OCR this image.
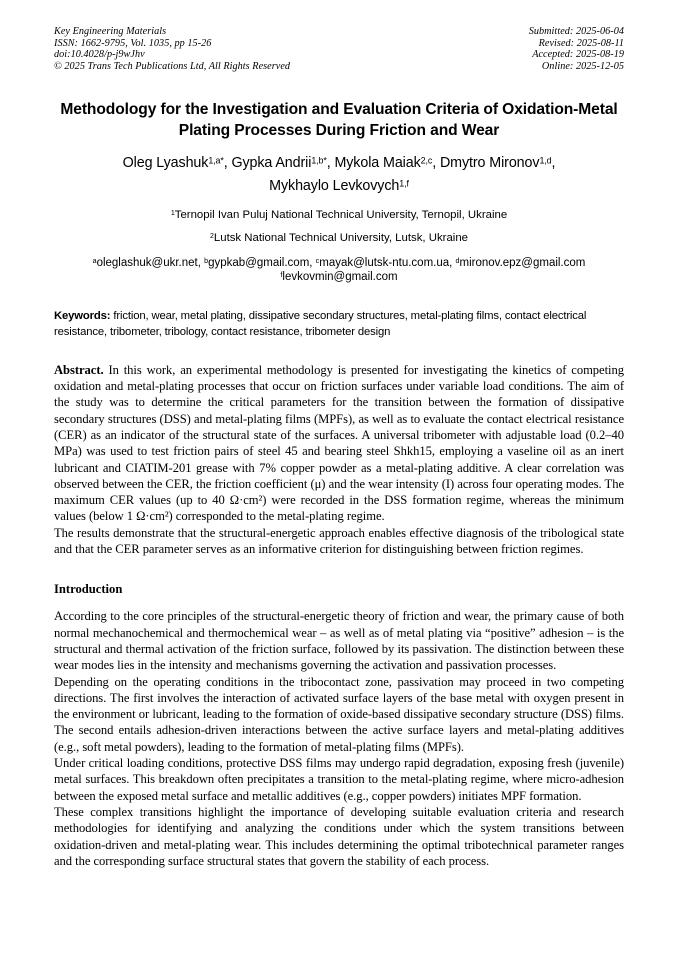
Key Engineering Materials
ISSN: 1662-9795, Vol. 1035, pp 15-26
doi:10.4028/p-j9wJhv
© 2025 Trans Tech Publications Ltd, All Rights Reserved
Submitted: 2025-06-04
Revised: 2025-08-11
Accepted: 2025-08-19
Online: 2025-12-05
Methodology for the Investigation and Evaluation Criteria of Oxidation-Metal Plating Processes During Friction and Wear
Oleg Lyashuk$^{1,a*}$, Gypka Andrii$^{1,b*}$, Mykola Maiak$^{2,c}$, Dmytro Mironov$^{1,d}$,
Mykhaylo Levkovych$^{1,f}$
$^1$Ternopil Ivan Puluj National Technical University, Ternopil, Ukraine
$^2$Lutsk National Technical University, Lutsk, Ukraine
$^a$oleglashuk@ukr.net, $^b$gypkab@gmail.com, $^c$mayak@lutsk-ntu.com.ua, $^d$mironov.epz@gmail.com
$^f$levkovmin@gmail.com
Keywords: friction, wear, metal plating, dissipative secondary structures, metal-plating films, contact electrical resistance, tribometer, tribology, contact resistance, tribometer design

Abstract. In this work, an experimental methodology is presented for investigating the kinetics of competing oxidation and metal-plating processes that occur on friction surfaces under variable load conditions. The aim of the study was to determine the critical parameters for the transition between the formation of dissipative secondary structures (DSS) and metal-plating films (MPFs), as well as to evaluate the contact electrical resistance (CER) as an indicator of the structural state of the surfaces. A universal tribometer with adjustable load (0.2–40 MPa) was used to test friction pairs of steel 45 and bearing steel Shkh15, employing a vaseline oil as an inert lubricant and CIATIM-201 grease with 7% copper powder as a metal-plating additive. A clear correlation was observed between the CER, the friction coefficient (μ) and the wear intensity (I) across four operating modes. The maximum CER values (up to 40 Ω·cm²) were recorded in the DSS formation regime, whereas the minimum values (below 1 Ω·cm²) corresponded to the metal-plating regime.

The results demonstrate that the structural-energetic approach enables effective diagnosis of the tribological state and that the CER parameter serves as an informative criterion for distinguishing between friction regimes.

Introduction

According to the core principles of the structural-energetic theory of friction and wear, the primary cause of both normal mechanochemical and thermochemical wear – as well as of metal plating via “positive” adhesion – is the structural and thermal activation of the friction surface, followed by its passivation. The distinction between these wear modes lies in the intensity and mechanisms governing the activation and passivation processes.

Depending on the operating conditions in the tribocontact zone, passivation may proceed in two competing directions. The first involves the interaction of activated surface layers of the base metal with oxygen present in the environment or lubricant, leading to the formation of oxide-based dissipative secondary structure (DSS) films. The second entails adhesion-driven interactions between the active surface layers and metal-plating additives (e.g., soft metal powders), leading to the formation of metal-plating films (MPFs).

Under critical loading conditions, protective DSS films may undergo rapid degradation, exposing fresh (juvenile) metal surfaces. This breakdown often precipitates a transition to the metal-plating regime, where micro-adhesion between the exposed metal surface and metallic additives (e.g., copper powders) initiates MPF formation.

These complex transitions highlight the importance of developing suitable evaluation criteria and research methodologies for identifying and analyzing the conditions under which the system transitions between oxidation-driven and metal-plating wear. This includes determining the optimal tribotechnical parameter ranges and the corresponding surface structural states that govern the stability of each process.
